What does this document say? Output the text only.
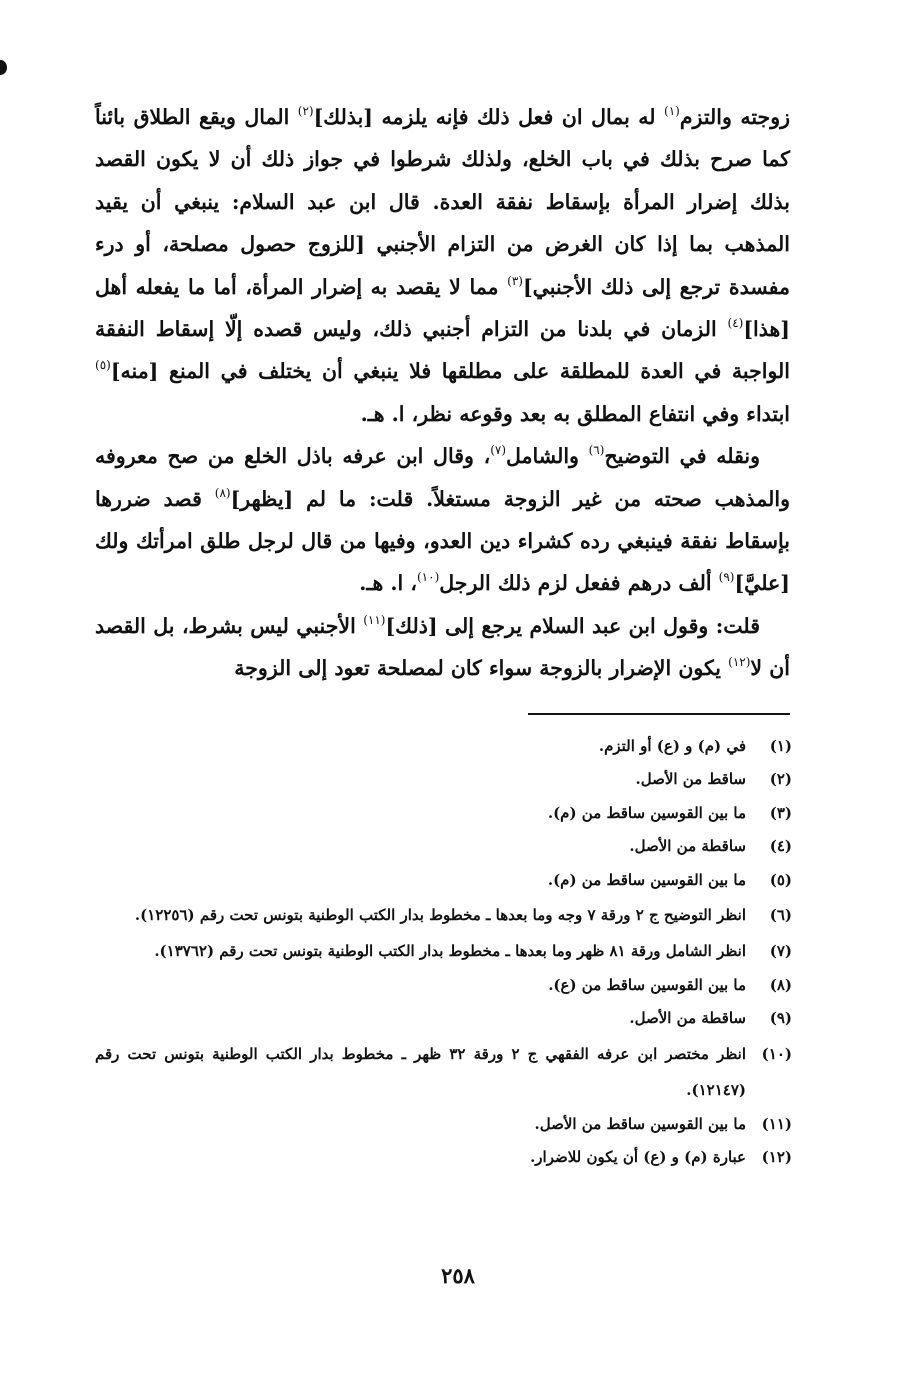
زوجته والتزم$^{(١)}$ له بمال ان فعل ذلك فإنه يلزمه [بذلك]$^{(٢)}$ المال ويقع الطلاق بائناً كما صرح بذلك في باب الخلع، ولذلك شرطوا في جواز ذلك أن لا يكون القصد بذلك إضرار المرأة بإسقاط نفقة العدة. قال ابن عبد السلام: ينبغي أن يقيد المذهب بما إذا كان الغرض من التزام الأجنبي [للزوج حصول مصلحة، أو درء مفسدة ترجع إلى ذلك الأجنبي]$^{(٣)}$ مما لا يقصد به إضرار المرأة، أما ما يفعله أهل [هذا]$^{(٤)}$ الزمان في بلدنا من التزام أجنبي ذلك، وليس قصده إلّا إسقاط النفقة الواجبة في العدة للمطلقة على مطلقها فلا ينبغي أن يختلف في المنع [منه]$^{(٥)}$ ابتداء وفي انتفاع المطلق به بعد وقوعه نظر، ا. هـ.

ونقله في التوضيح$^{(٦)}$ والشامل$^{(٧)}$، وقال ابن عرفه باذل الخلع من صح معروفه والمذهب صحته من غير الزوجة مستغلاً. قلت: ما لم [يظهر]$^{(٨)}$ قصد ضررها بإسقاط نفقة فينبغي رده كشراء دين العدو، وفيها من قال لرجل طلق امرأتك ولك [عليَّ]$^{(٩)}$ ألف درهم ففعل لزم ذلك الرجل$^{(١٠)}$، ا. هـ.

قلت: وقول ابن عبد السلام يرجع إلى [ذلك]$^{(١١)}$ الأجنبي ليس بشرط، بل القصد أن لا$^{(١٢)}$ يكون الإضرار بالزوجة سواء كان لمصلحة تعود إلى الزوجة

(١)
في (م) و (ع) أو التزم.
(٢)
ساقط من الأصل.
(٣)
ما بين القوسين ساقط من (م).
(٤)
ساقطة من الأصل.
(٥)
ما بين القوسين ساقط من (م).
(٦)
انظر التوضيح ج ٢ ورقة ٧ وجه وما بعدها ـ مخطوط بدار الكتب الوطنية بتونس تحت رقم (١٢٢٥٦).
(٧)
انظر الشامل ورقة ٨١ ظهر وما بعدها ـ مخطوط بدار الكتب الوطنية بتونس تحت رقم (١٣٧٦٢).
(٨)
ما بين القوسين ساقط من (ع).
(٩)
ساقطة من الأصل.
(١٠)
انظر مختصر ابن عرفه الفقهي ج ٢ ورقة ٣٢ ظهر ـ مخطوط بدار الكتب الوطنية بتونس تحت رقم (١٢١٤٧).
(١١)
ما بين القوسين ساقط من الأصل.
(١٢)
عبارة (م) و (ع) أن يكون للاضرار.
٢٥٨
